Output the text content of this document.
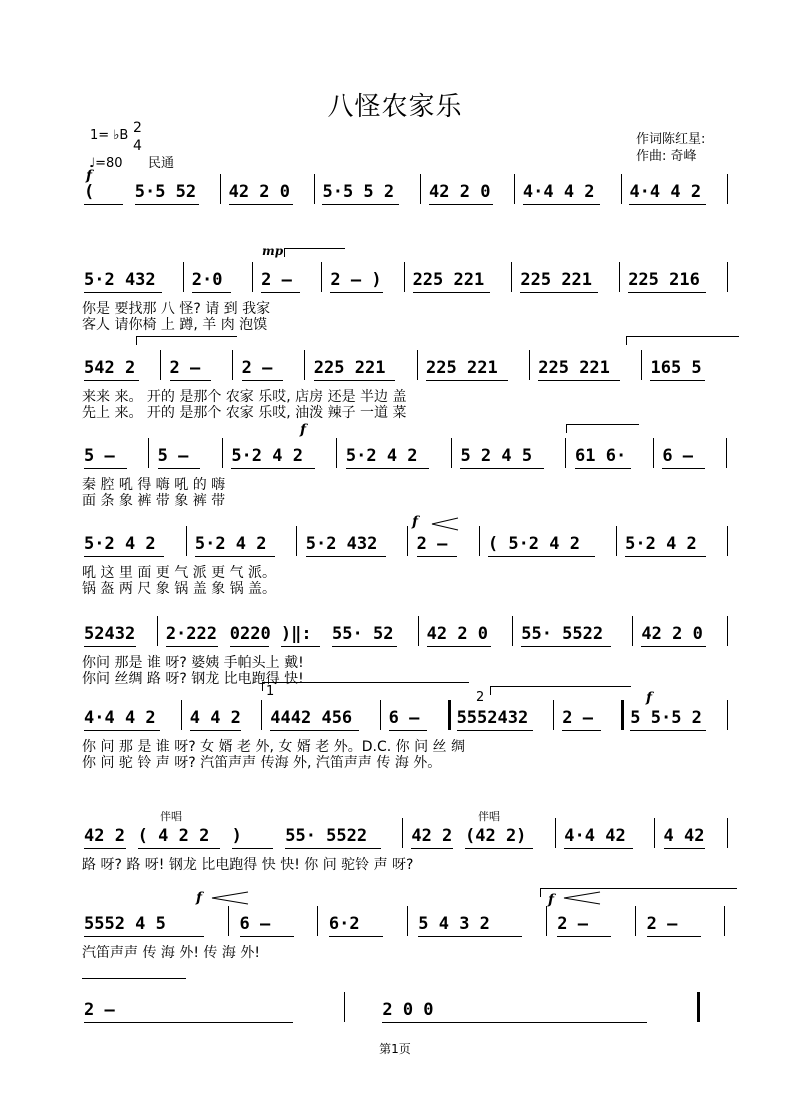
八怪农家乐
1= ♭B 2
4
♩=80 民通
作词陈红星:
作曲: 奇峰
( 5·5 52 42 2 0 5·5 5 2 42 2 0 4·4 4 2 4·4 4 2
5·2 432 2·0 2 – 2 – ) 225 221 225 221 225 216
你是 要找那 八 怪? 请 到 我家
客人 请你椅 上 蹲, 羊 肉 泡馍
542 2 2 – 2 – 225 221 225 221 225 221 165 5
来来 来。 开的 是那个 农家 乐哎, 店房 还是 半边 盖
先上 来。 开的 是那个 农家 乐哎, 油泼 辣子 一道 菜
5 –	5 –	5·2 4 2	5·2 4 2	5 2 4 5	61 6· 6 –
秦 腔 吼 得 嗨 吼 的 嗨
面 条 象 裤 带 象 裤 带
5·2 4 2 5·2 4 2 5·2 432 2 – ( 5·2 4 2	5·2 4 2
吼 这 里 面 更 气 派 更 气 派。
锅 盔 两 尺 象 锅 盖 象 锅 盖。
52432 2·222 0220 )‖: 55· 52 42 2 0 55· 5522 42 2 0
你问 那是 谁 呀? 婆姨 手帕头上 戴!
你问 丝绸 路 呀? 钢龙 比电跑得 快!
4·4 4 2 4 4 2 4442 456 6 – 5552432 2 – 5 5·5 2
你 问 那 是 谁 呀? 女 婿 老 外, 女 婿 老 外。D.C. 你 问 丝 绸
你 问 驼 铃 声 呀? 汽笛声声 传海 外, 汽笛声声 传 海 外。
42 2 ( 4 2 2 )	55· 5522	42 2 (42 2) 4·4 42 4 42
路 呀? 路 呀! 钢龙 比电跑得 快 快! 你 问 驼铃 声 呀?
5552 4 5	6 –	6·2	5 4 3 2	2 –	2 –
汽笛声声 传 海 外! 传 海 外!
2 –	2 0 0
mp
f
f
f
f
f	f
伴唱	伴唱
1	2
第1页
